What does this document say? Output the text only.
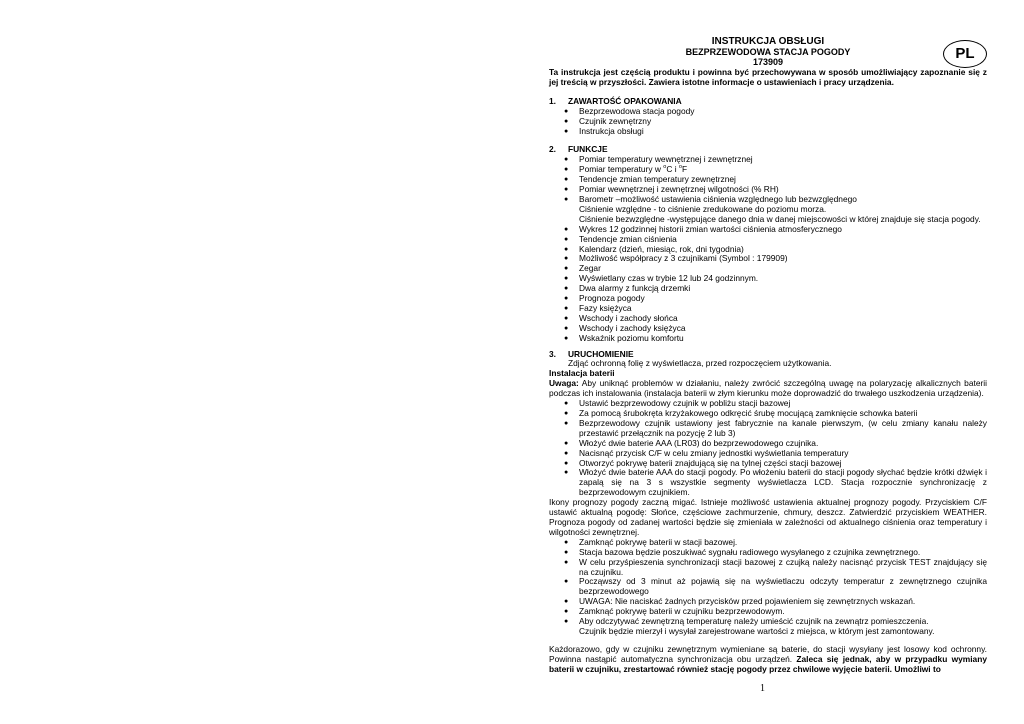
PL
INSTRUKCJA OBSŁUGI
BEZPRZEWODOWA STACJA POGODY
173909
Ta instrukcja jest częścią produktu i powinna być przechowywana w sposób umożliwiający zapoznanie się z jej treścią w przyszłości. Zawiera istotne informacje o ustawieniach i pracy urządzenia.
1. ZAWARTOŚĆ OPAKOWANIA
● Bezprzewodowa stacja pogody
● Czujnik zewnętrzny
● Instrukcja obsługi
2. FUNKCJE
● Pomiar temperatury wewnętrznej i zewnętrznej
● Pomiar temperatury w $^o$C i $^o$F
● Tendencje zmian temperatury zewnętrznej
● Pomiar wewnętrznej i zewnętrznej wilgotności (% RH)
● Barometr –możliwość ustawienia ciśnienia względnego lub bezwzględnego
Ciśnienie względne - to ciśnienie zredukowane do poziomu morza.
Ciśnienie bezwzględne -występujące danego dnia w danej miejscowości w której znajduje się stacja pogody.
● Wykres 12 godzinnej historii zmian wartości ciśnienia atmosferycznego
● Tendencje zmian ciśnienia
● Kalendarz (dzień, miesiąc, rok, dni tygodnia)
● Możliwość współpracy z 3 czujnikami (Symbol : 179909)
● Zegar
● Wyświetlany czas w trybie 12 lub 24 godzinnym.
● Dwa alarmy z funkcją drzemki
● Prognoza pogody
● Fazy księżyca
● Wschody i zachody słońca
● Wschody i zachody księżyca
● Wskaźnik poziomu komfortu
3. URUCHOMIENIE
Zdjąć ochronną folię z wyświetlacza, przed rozpoczęciem użytkowania.
Instalacja baterii
Uwaga: Aby uniknąć problemów w działaniu, należy zwrócić szczególną uwagę na polaryzację alkalicznych baterii podczas ich instalowania (instalacja baterii w złym kierunku może doprowadzić do trwałego uszkodzenia urządzenia).
● Ustawić bezprzewodowy czujnik w pobliżu stacji bazowej
● Za pomocą śrubokręta krzyżakowego odkręcić śrubę mocującą zamknięcie schowka baterii
● Bezprzewodowy czujnik ustawiony jest fabrycznie na kanale pierwszym, (w celu zmiany kanału należy przestawić przełącznik na pozycję 2 lub 3)
● Włożyć dwie baterie AAA (LR03) do bezprzewodowego czujnika.
● Nacisnąć przycisk C/F w celu zmiany jednostki wyświetlania temperatury
● Otworzyć pokrywę baterii znajdującą się na tylnej części stacji bazowej
● Włożyć dwie baterie AAA do stacji pogody. Po włożeniu baterii do stacji pogody słychać będzie krótki dźwięk i zapalą się na 3 s wszystkie segmenty wyświetlacza LCD. Stacja rozpocznie synchronizację z bezprzewodowym czujnikiem.
Ikony prognozy pogody zaczną migać. Istnieje możliwość ustawienia aktualnej prognozy pogody. Przyciskiem C/F ustawić aktualną pogodę: Słońce, częściowe zachmurzenie, chmury, deszcz. Zatwierdzić przyciskiem WEATHER. Prognoza pogody od zadanej wartości będzie się zmieniała w zależności od aktualnego ciśnienia oraz temperatury i wilgotności zewnętrznej.
● Zamknąć pokrywę baterii w stacji bazowej.
● Stacja bazowa będzie poszukiwać sygnału radiowego wysyłanego z czujnika zewnętrznego.
● W celu przyśpieszenia synchronizacji stacji bazowej z czujką należy nacisnąć przycisk TEST znajdujący się na czujniku.
● Począwszy od 3 minut aż pojawią się na wyświetlaczu odczyty temperatur z zewnętrznego czujnika bezprzewodowego
● UWAGA: Nie naciskać żadnych przycisków przed pojawieniem się zewnętrznych wskazań.
● Zamknąć pokrywę baterii w czujniku bezprzewodowym.
● Aby odczytywać zewnętrzną temperaturę należy umieścić czujnik na zewnątrz pomieszczenia.
Czujnik będzie mierzył i wysyłał zarejestrowane wartości z miejsca, w którym jest zamontowany.
Każdorazowo, gdy w czujniku zewnętrznym wymieniane są baterie, do stacji wysyłany jest losowy kod ochronny. Powinna nastąpić automatyczna synchronizacja obu urządzeń. Zaleca się jednak, aby w przypadku wymiany baterii w czujniku, zrestartować również stację pogody przez chwilowe wyjęcie baterii. Umożliwi to
1
